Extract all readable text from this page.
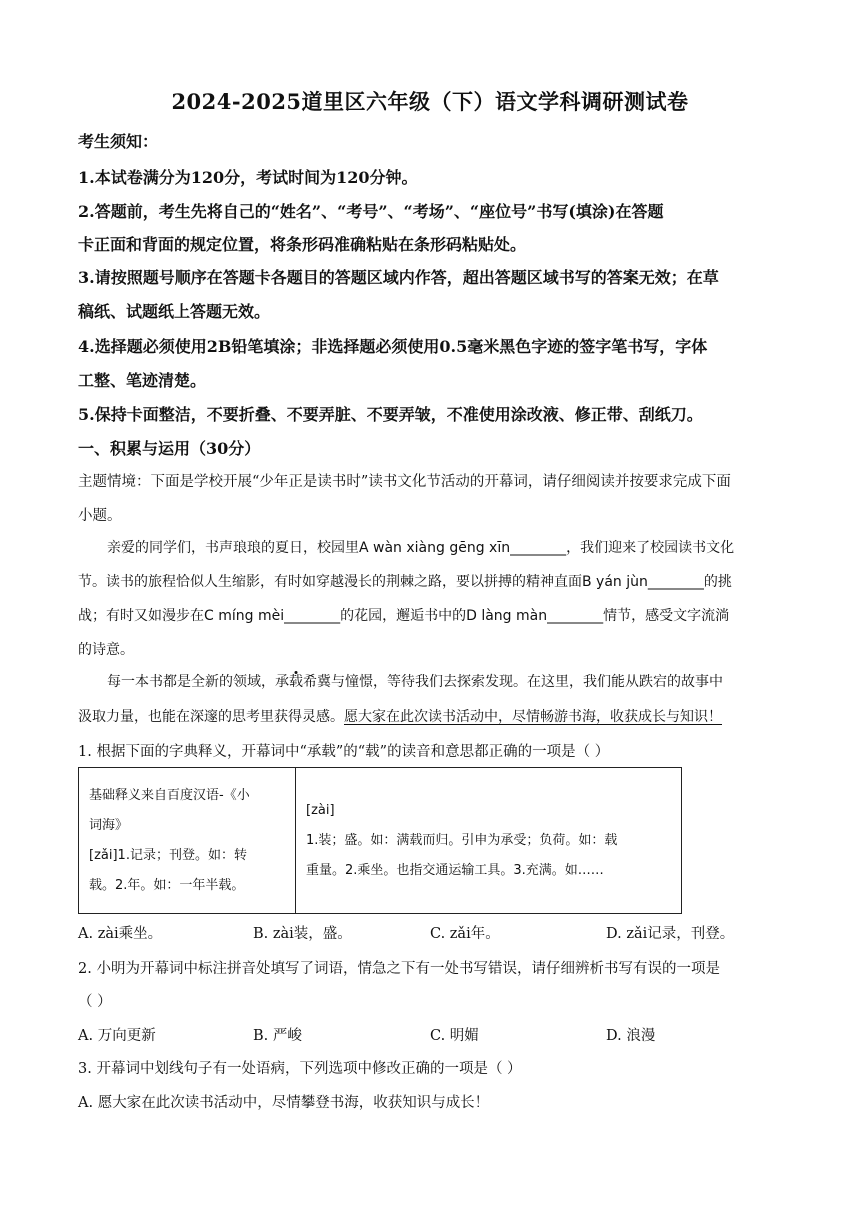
2024-2025道里区六年级（下）语文学科调研测试卷
考生须知：
1.本试卷满分为120分，考试时间为120分钟。
2.答题前，考生先将自己的“姓名”、“考号”、“考场”、“座位号”书写(填涂)在答题
卡正面和背面的规定位置，将条形码准确粘贴在条形码粘贴处。
3.请按照题号顺序在答题卡各题目的答题区域内作答，超出答题区域书写的答案无效；在草
稿纸、试题纸上答题无效。
4.选择题必须使用2B铅笔填涂；非选择题必须使用0.5毫米黑色字迹的签字笔书写，字体
工整、笔迹清楚。
5.保持卡面整洁，不要折叠、不要弄脏、不要弄皱，不准使用涂改液、修正带、刮纸刀。
一、积累与运用（30分）
主题情境：下面是学校开展“少年正是读书时”读书文化节活动的开幕词，请仔细阅读并按要求完成下面
小题。
亲爱的同学们，书声琅琅的夏日，校园里A wàn xiàng gēng xīn________，我们迎来了校园读书文化
节。读书的旅程恰似人生缩影，有时如穿越漫长的荆棘之路，要以拼搏的精神直面B yán jùn________的挑
战；有时又如漫步在C míng mèi________的花园，邂逅书中的D làng màn________情节，感受文字流淌
的诗意。
每一本书都是全新的领域，承载希冀与憧憬，等待我们去探索发现。在这里，我们能从跌宕的故事中
汲取力量，也能在深邃的思考里获得灵感。愿大家在此次读书活动中，尽情畅游书海，收获成长与知识！
1. 根据下面的字典释义，开幕词中“承载”的“载”的读音和意思都正确的一项是（ ）
基础释义来自百度汉语-《小
词海》
[zǎi]1.记录；刊登。如：转
载。2.年。如：一年半载。

[zài]
1.装；盛。如：满载而归。引申为承受；负荷。如：载
重量。2.乘坐。也指交通运输工具。3.充满。如……
A. zài乘坐。	B. zài装，盛。	C. zǎi年。	D. zǎi记录，刊登。
2. 小明为开幕词中标注拼音处填写了词语，情急之下有一处书写错误，请仔细辨析书写有误的一项是
（ ）
A. 万向更新	B. 严峻	C. 明媚	D. 浪漫
3. 开幕词中划线句子有一处语病，下列选项中修改正确的一项是（ ）
A. 愿大家在此次读书活动中，尽情攀登书海，收获知识与成长！
